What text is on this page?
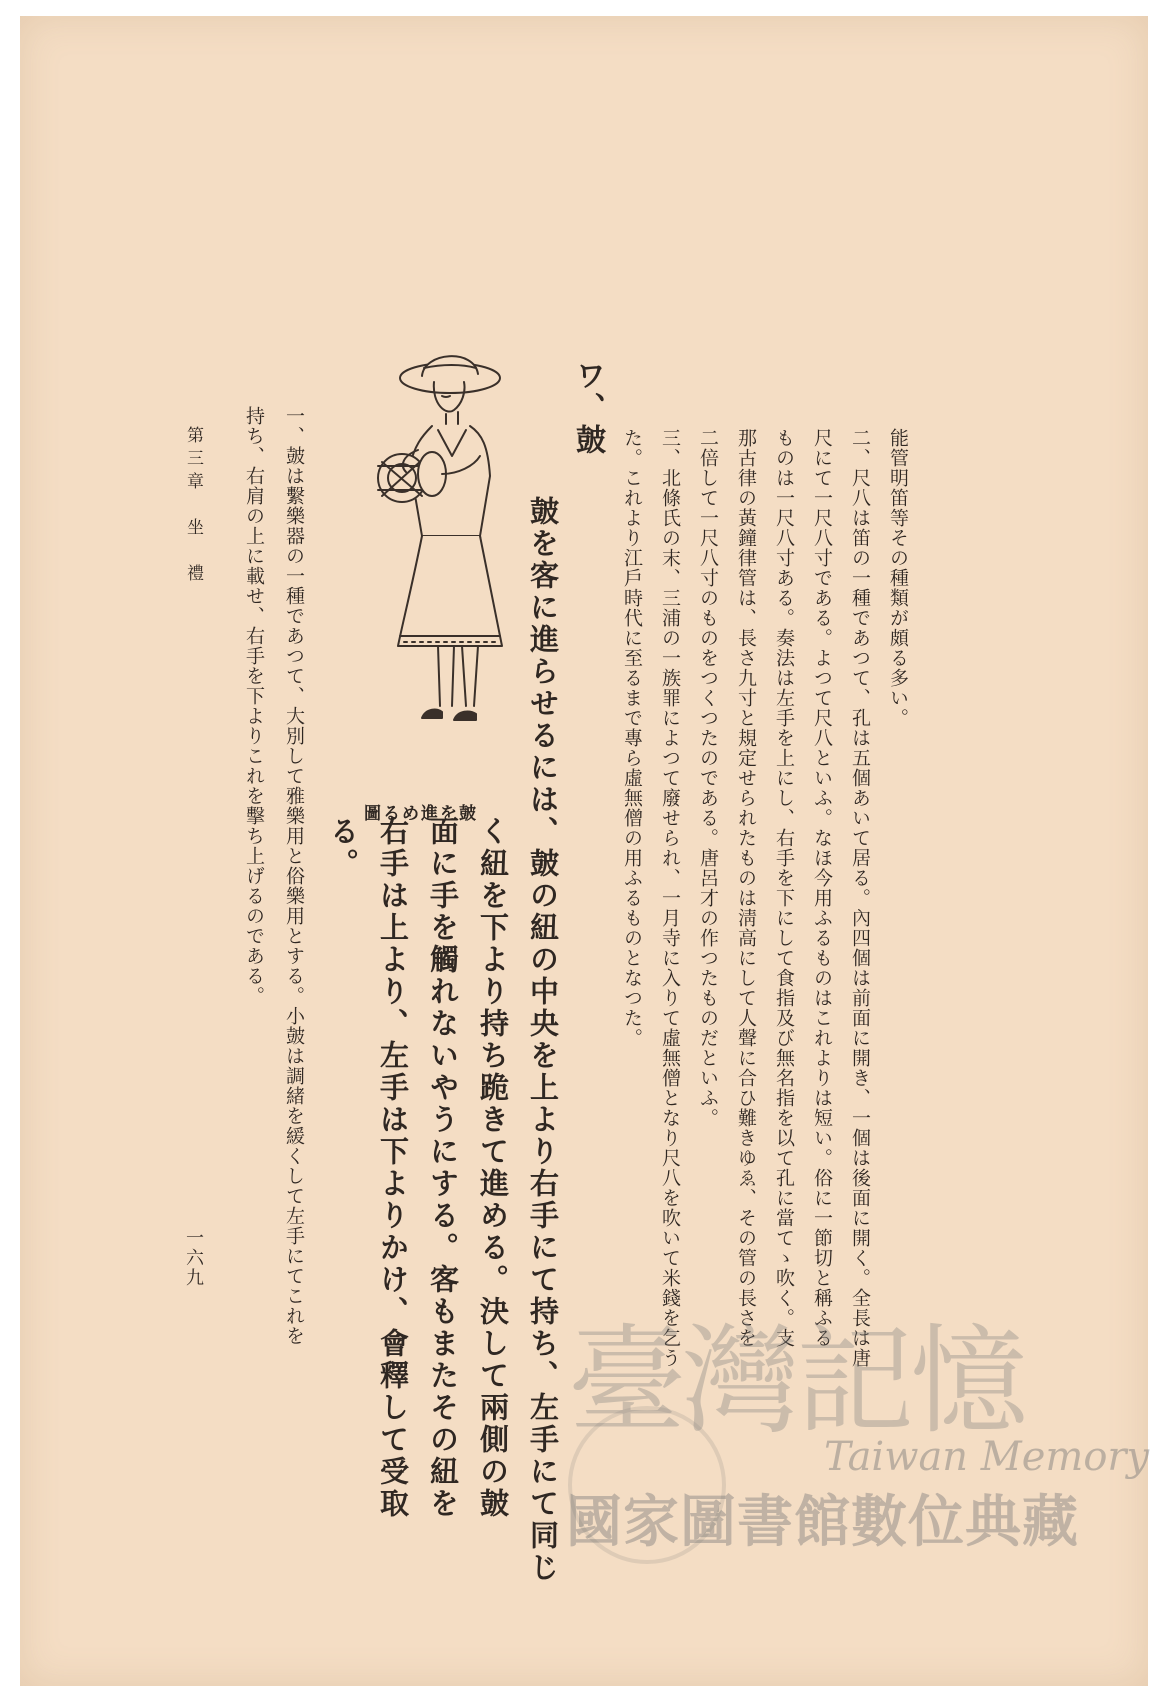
能管明笛等その種類が頗る多い。
二、尺八は笛の一種であつて、孔は五個あいて居る。內四個は前面に開き、一個は後面に開く。全長は唐
尺にて一尺八寸である。よつて尺八といふ。なほ今用ふるものはこれよりは短い。俗に一節切と稱ふる
ものは一尺八寸ある。奏法は左手を上にし、右手を下にして食指及び無名指を以て孔に當てゝ吹く。支
那古律の黃鐘律管は、長さ九寸と規定せられたものは淸高にして人聲に合ひ難きゆゑ、その管の長さを
二倍して一尺八寸のものをつくつたのである。唐呂才の作つたものだといふ。
三、北條氏の末、三浦の一族罪によつて廢せられ、一月寺に入りて虛無僧となり尺八を吹いて米錢を乞う
た。これより江戶時代に至るまで專ら虛無僧の用ふるものとなつた。
ワ、皷
皷を客に進らせるには、皷の紐の中央を上より右手にて持ち、左手にて同じ
く紐を下より持ち跪きて進める。決して兩側の皷
面に手を觸れないやうにする。客もまたその紐を
右手は上より、左手は下よりかけ、會釋して受取
る。
圖るめ進を皷
一、皷は繫樂器の一種であつて、大別して雅樂用と俗樂用とする。小皷は調緒を緩くして左手にてこれを
持ち、右肩の上に載せ、右手を下よりこれを擊ち上げるのである。
第三章　坐　禮
一六九
臺灣記憶
Taiwan Memory
國家圖書館數位典藏
